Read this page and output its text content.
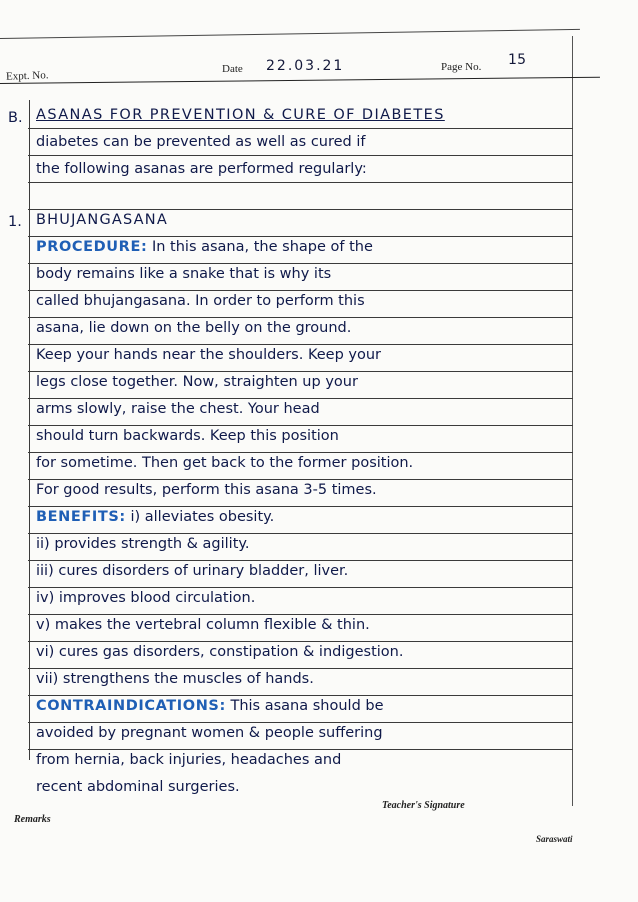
Expt. No.
Date 22.03.21	Page No. 15
B. ASANAS FOR PREVENTION & CURE OF DIABETES
diabetes can be prevented as well as cured if
the following asanas are performed regularly:
1. BHUJANGASANA
PROCEDURE: In this asana, the shape of the
body remains like a snake that is why its
called bhujangasana. In order to perform this
asana, lie down on the belly on the ground.
Keep your hands near the shoulders. Keep your
legs close together. Now, straighten up your
arms slowly, raise the chest. Your head
should turn backwards. Keep this position
for sometime. Then get back to the former position.
For good results, perform this asana 3-5 times.
BENEFITS: i) alleviates obesity.
ii) provides strength & agility.
iii) cures disorders of urinary bladder, liver.
iv) improves blood circulation.
v) makes the vertebral column flexible & thin.
vi) cures gas disorders, constipation & indigestion.
vii) strengthens the muscles of hands.
CONTRAINDICATIONS: This asana should be
avoided by pregnant women & people suffering
from hernia, back injuries, headaches and
recent abdominal surgeries.
Remarks
Teacher's Signature
Saraswati
